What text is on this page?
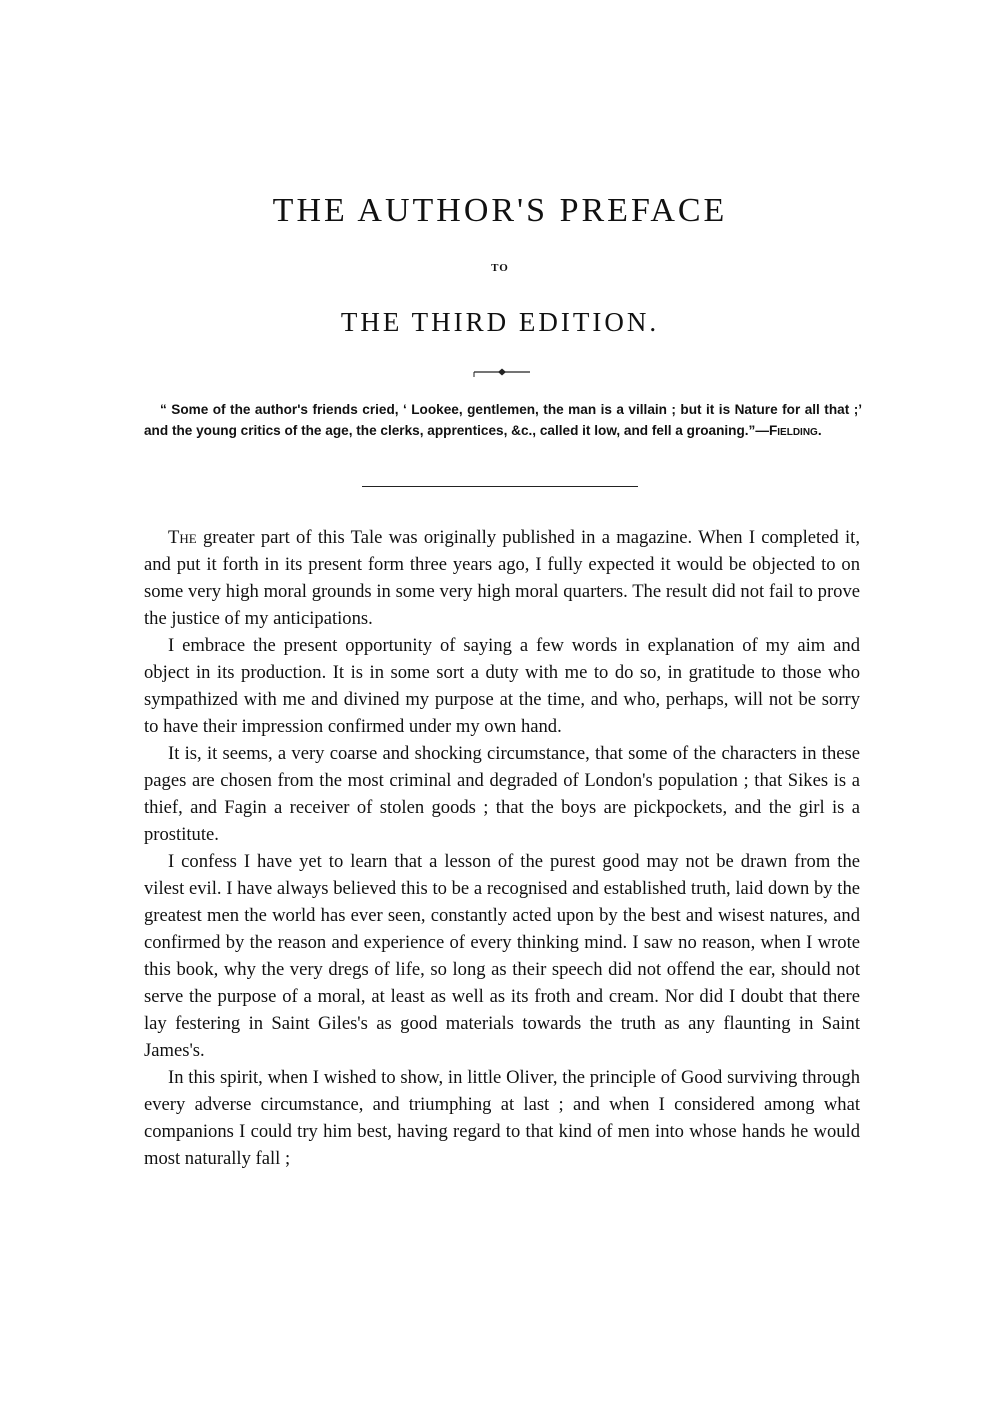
THE AUTHOR'S PREFACE
TO
THE THIRD EDITION.

“ Some of the author's friends cried, ‘ Lookee, gentlemen, the man is a villain ; but it is Nature for all that ;’ and the young critics of the age, the clerks, apprentices, &c., called it low, and fell a groaning.”—Fielding.

The greater part of this Tale was originally published in a magazine. When I completed it, and put it forth in its present form three years ago, I fully expected it would be objected to on some very high moral grounds in some very high moral quarters. The result did not fail to prove the justice of my anticipations.

I embrace the present opportunity of saying a few words in explanation of my aim and object in its production. It is in some sort a duty with me to do so, in gratitude to those who sympathized with me and divined my purpose at the time, and who, perhaps, will not be sorry to have their impression confirmed under my own hand.

It is, it seems, a very coarse and shocking circumstance, that some of the characters in these pages are chosen from the most criminal and degraded of London's population ; that Sikes is a thief, and Fagin a receiver of stolen goods ; that the boys are pickpockets, and the girl is a prostitute.

I confess I have yet to learn that a lesson of the purest good may not be drawn from the vilest evil. I have always believed this to be a recognised and established truth, laid down by the greatest men the world has ever seen, constantly acted upon by the best and wisest natures, and confirmed by the reason and experience of every thinking mind. I saw no reason, when I wrote this book, why the very dregs of life, so long as their speech did not offend the ear, should not serve the purpose of a moral, at least as well as its froth and cream. Nor did I doubt that there lay festering in Saint Giles's as good materials towards the truth as any flaunting in Saint James's.

In this spirit, when I wished to show, in little Oliver, the principle of Good surviving through every adverse circumstance, and triumphing at last ; and when I considered among what companions I could try him best, having regard to that kind of men into whose hands he would most naturally fall ;
